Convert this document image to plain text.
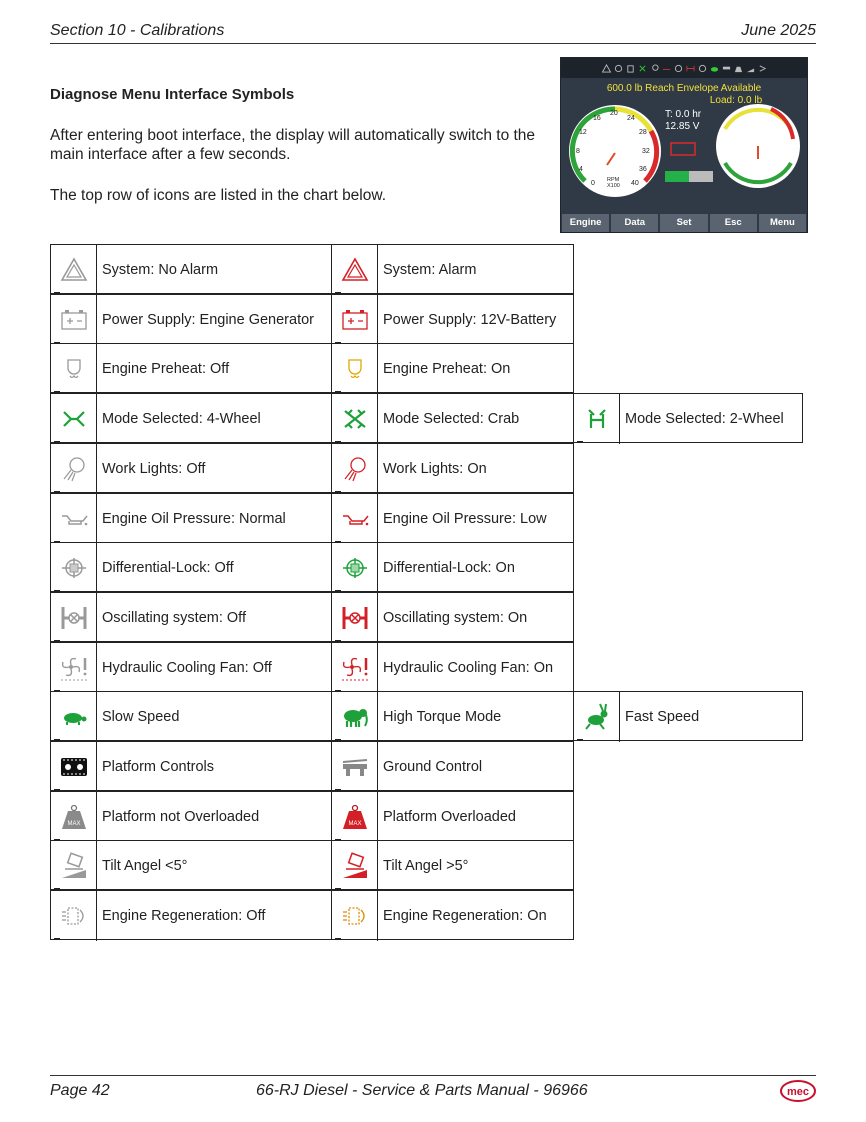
Section 10 - Calibrations	June 2025
Diagnose Menu Interface Symbols
After entering boot interface, the display will automatically switch to the main interface after a few seconds.
The top row of icons are listed in the chart below.
600.0 lb Reach Envelope Available
Load: 0.0 lb
T: 0.0 hr
12.85 V
4
8
12
16
20
24
28
32
36
0	40
RPM
X100
Engine	Data	Set	Esc	Menu
System: No Alarm	System: Alarm
Power Supply: Engine Generator	Power Supply: 12V-Battery
Engine Preheat: Off	Engine Preheat: On
Mode Selected: 4-Wheel	Mode Selected: Crab	Mode Selected: 2-Wheel
Work Lights: Off	Work Lights: On
Engine Oil Pressure: Normal	Engine Oil Pressure: Low
Differential-Lock: Off	Differential-Lock: On
Oscillating system: Off	Oscillating system: On
Hydraulic Cooling Fan: Off	Hydraulic Cooling Fan: On
Slow Speed	High Torque Mode	Fast Speed
Platform Controls	Ground Control
MAX	Platform not Overloaded	MAX	Platform Overloaded
Tilt Angel <5°	Tilt Angel >5°
Engine Regeneration: Off	Engine Regeneration: On
Page 42	66-RJ Diesel - Service & Parts Manual - 96966	mec
